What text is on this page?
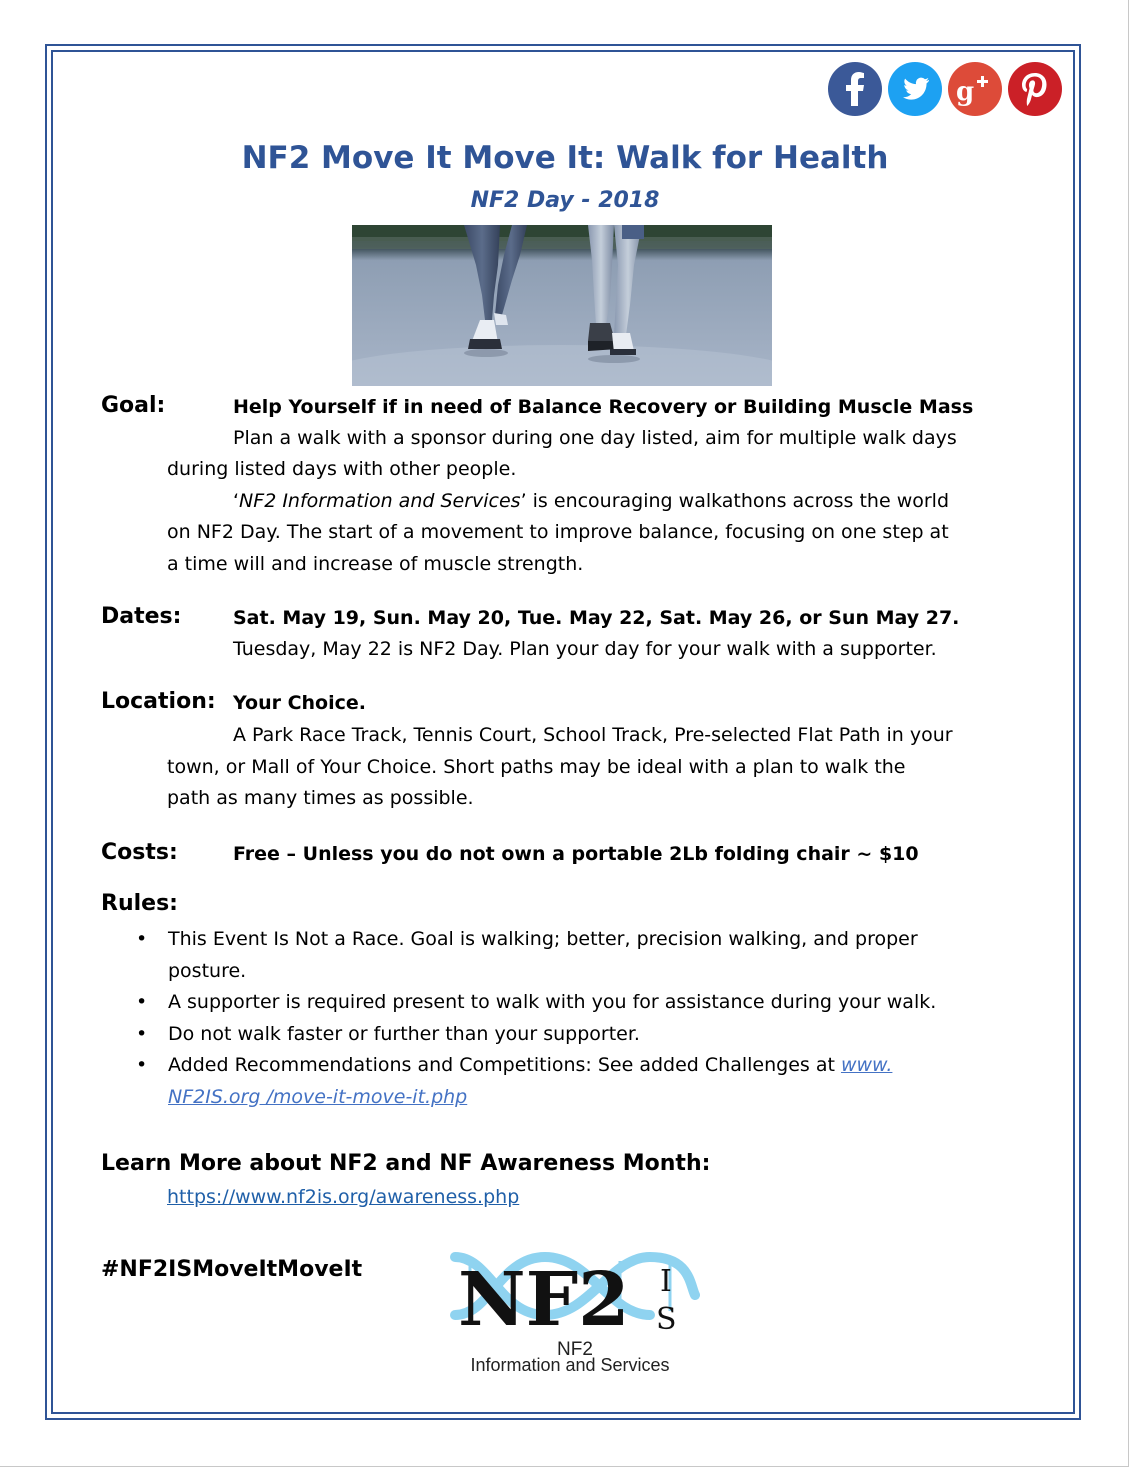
g
NF2 Move It Move It: Walk for Health
NF2 Day - 2018
Goal:	Help Yourself if in need of Balance Recovery or Building Muscle Mass
Plan a walk with a sponsor during one day listed, aim for multiple walk days
during listed days with other people.
‘NF2 Information and Services’ is encouraging walkathons across the world
on NF2 Day. The start of a movement to improve balance, focusing on one step at
a time will and increase of muscle strength.
Dates:	Sat. May 19, Sun. May 20, Tue. May 22, Sat. May 26, or Sun May 27.
Tuesday, May 22 is NF2 Day. Plan your day for your walk with a supporter.
Location: Your Choice.
A Park Race Track, Tennis Court, School Track, Pre-selected Flat Path in your
town, or Mall of Your Choice. Short paths may be ideal with a plan to walk the
path as many times as possible.
Costs:	Free – Unless you do not own a portable 2Lb folding chair ~ $10
Rules:
• This Event Is Not a Race. Goal is walking; better, precision walking, and proper
posture.
• A supporter is required present to walk with you for assistance during your walk.
• Do not walk faster or further than your supporter.
• Added Recommendations and Competitions: See added Challenges at www.
NF2IS.org /move-it-move-it.php
Learn More about NF2 and NF Awareness Month:
https://www.nf2is.org/awareness.php
#NF2ISMoveItMoveIt NF2 I
S
NF2
Information and Services
